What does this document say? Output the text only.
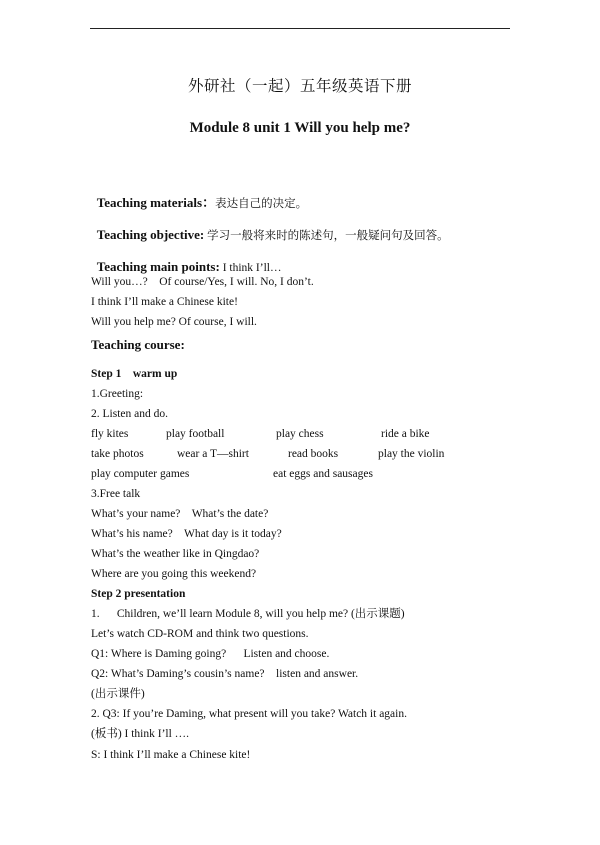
外研社（一起）五年级英语下册
Module 8 unit 1 Will you help me?

Teaching materials：表达自己的决定。

Teaching objective: 学习一般将来时的陈述句，一般疑问句及回答。

Teaching main points: I think I’ll…

Will you…?    Of course/Yes, I will. No, I don’t.
I think I’ll make a Chinese kite!
Will you help me? Of course, I will.
Teaching course:
Step 1    warm up
1.Greeting:
2. Listen and do.
fly kites	play football	play chess	ride a bike
take photos	wear a T—shirt	read books	play the violin
play computer games	eat eggs and sausages
3.Free talk
What’s your name?    What’s the date?
What’s his name?    What day is it today?
What’s the weather like in Qingdao?
Where are you going this weekend?
Step 2 presentation
1.      Children, we’ll learn Module 8, will you help me? (出示课题)
Let’s watch CD-ROM and think two questions.
Q1: Where is Daming going?      Listen and choose.
Q2: What’s Daming’s cousin’s name?    listen and answer.
(出示课件)
2. Q3: If you’re Daming, what present will you take? Watch it again.
(板书) I think I’ll ….
S: I think I’ll make a Chinese kite!
